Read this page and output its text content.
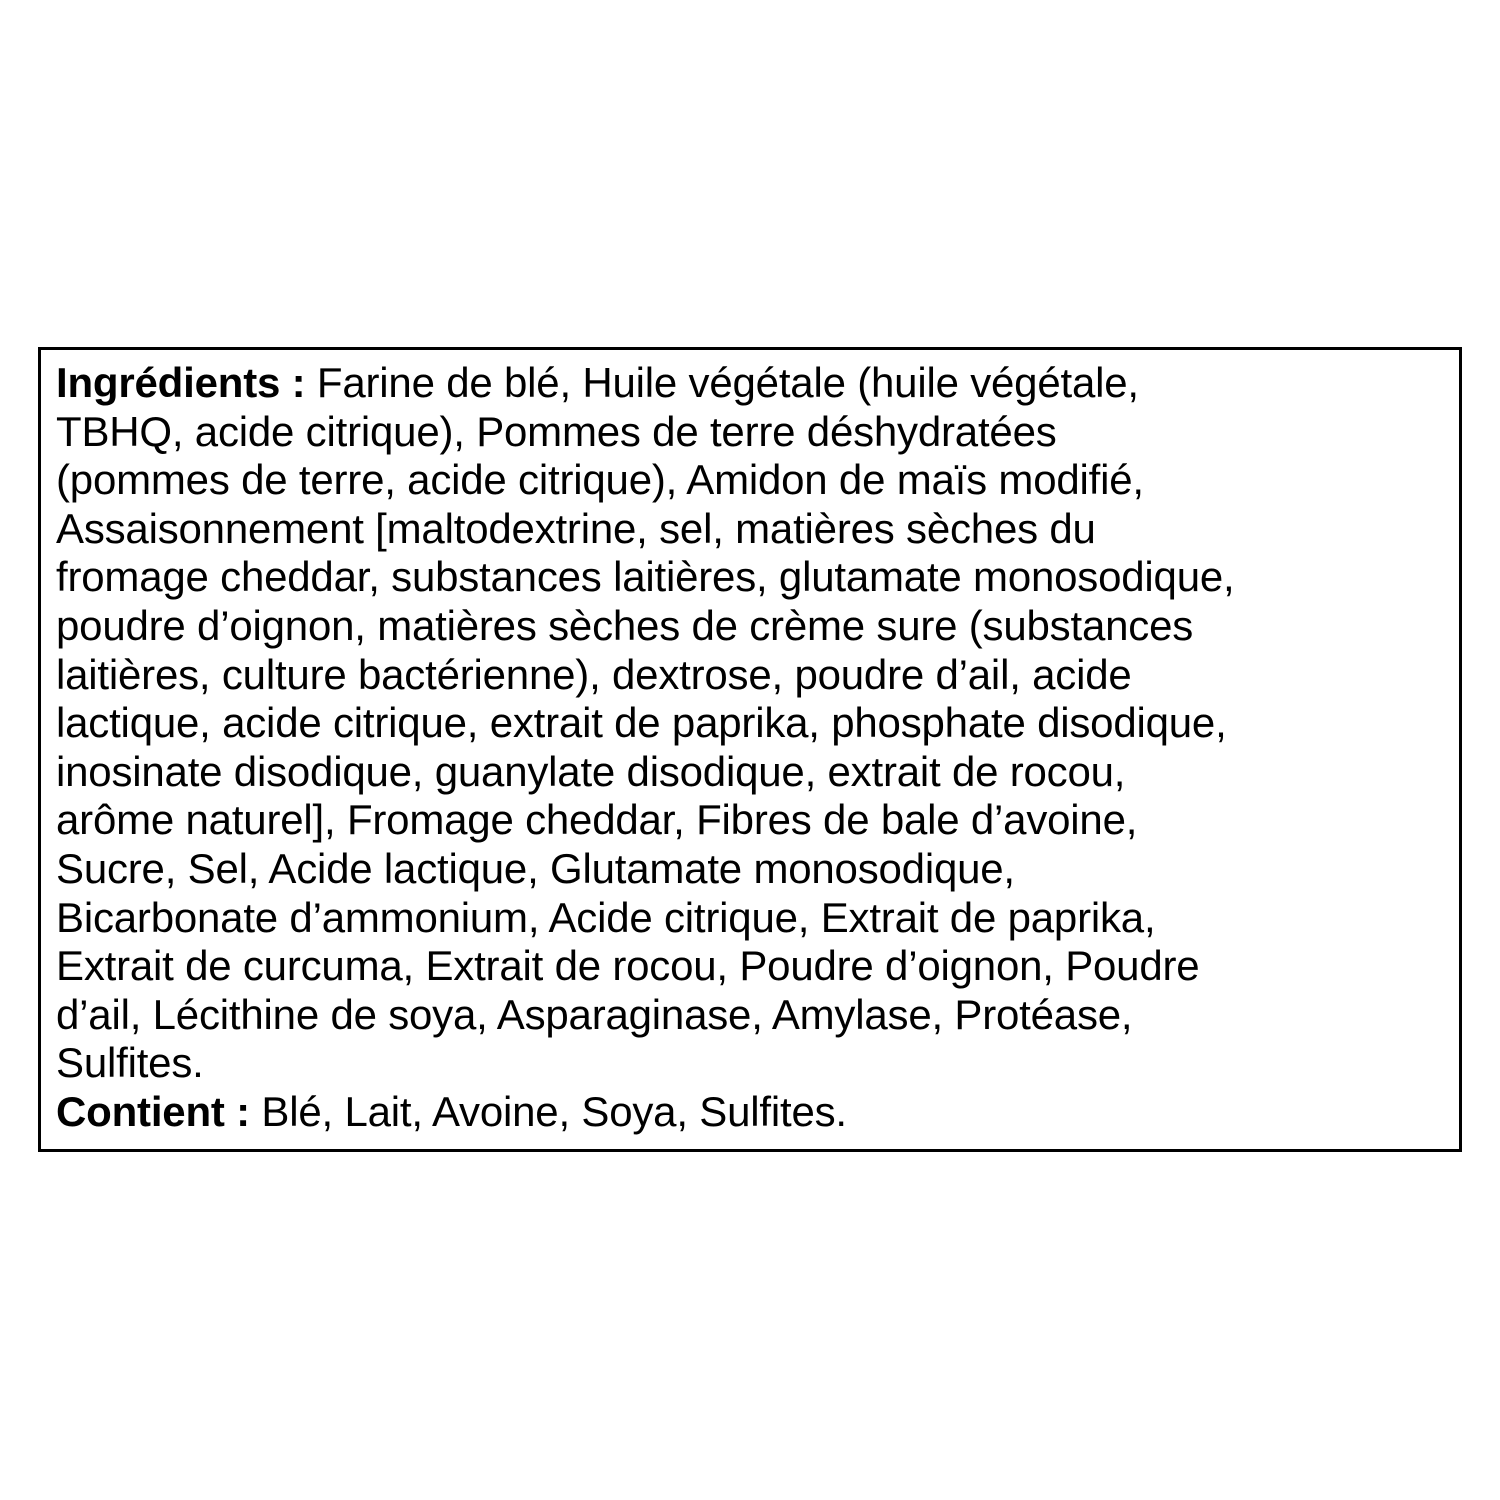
Ingrédients : Farine de blé, Huile végétale (huile végétale,
TBHQ, acide citrique), Pommes de terre déshydratées
(pommes de terre, acide citrique), Amidon de maïs modifié,
Assaisonnement [maltodextrine, sel, matières sèches du
fromage cheddar, substances laitières, glutamate monosodique,
poudre d’oignon, matières sèches de crème sure (substances
laitières, culture bactérienne), dextrose, poudre d’ail, acide
lactique, acide citrique, extrait de paprika, phosphate disodique,
inosinate disodique, guanylate disodique, extrait de rocou,
arôme naturel], Fromage cheddar, Fibres de bale d’avoine,
Sucre, Sel, Acide lactique, Glutamate monosodique,
Bicarbonate d’ammonium, Acide citrique, Extrait de paprika,
Extrait de curcuma, Extrait de rocou, Poudre d’oignon, Poudre
d’ail, Lécithine de soya, Asparaginase, Amylase, Protéase,
Sulfites.
Contient : Blé, Lait, Avoine, Soya, Sulfites.
